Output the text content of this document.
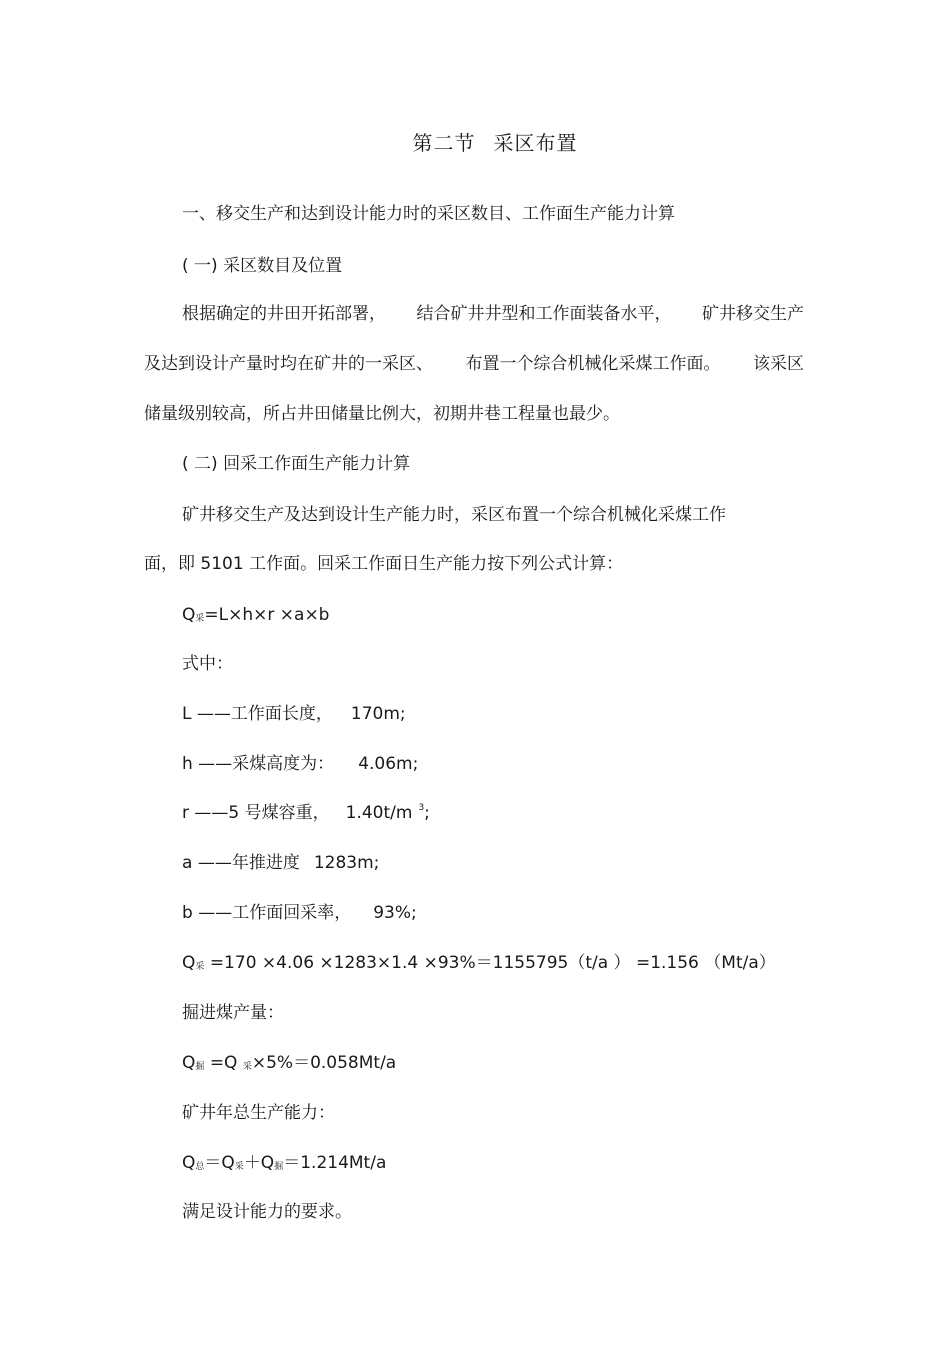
第二节 采区布置
一、移交生产和达到设计能力时的采区数目、工作面生产能力计算
( 一) 采区数目及位置
根据确定的井田开拓部署， 结合矿井井型和工作面装备水平， 矿井移交生产
及达到设计产量时均在矿井的一采区、 布置一个综合机械化采煤工作面。 该采区
储量级别较高，所占井田储量比例大，初期井巷工程量也最少。
( 二) 回采工作面生产能力计算
矿井移交生产及达到设计生产能力时，采区布置一个综合机械化采煤工作
面，即 5101 工作面。回采工作面日生产能力按下列公式计算：
Q采=L×h×r ×a×b
式中：
L ——工作面长度， 170m;
h ——采煤高度为： 4.06m;
r ——5 号煤容重， 1.40t/m $^3$;
a ——年推进度 1283m;
b ——工作面回采率， 93%;
Q采 =170 ×4.06 ×1283×1.4 ×93%＝1155795（t/a ） =1.156 （Mt/a）
掘进煤产量：
Q掘 =Q 采×5%＝0.058Mt/a
矿井年总生产能力：
Q总＝Q采＋Q掘＝1.214Mt/a
满足设计能力的要求。
